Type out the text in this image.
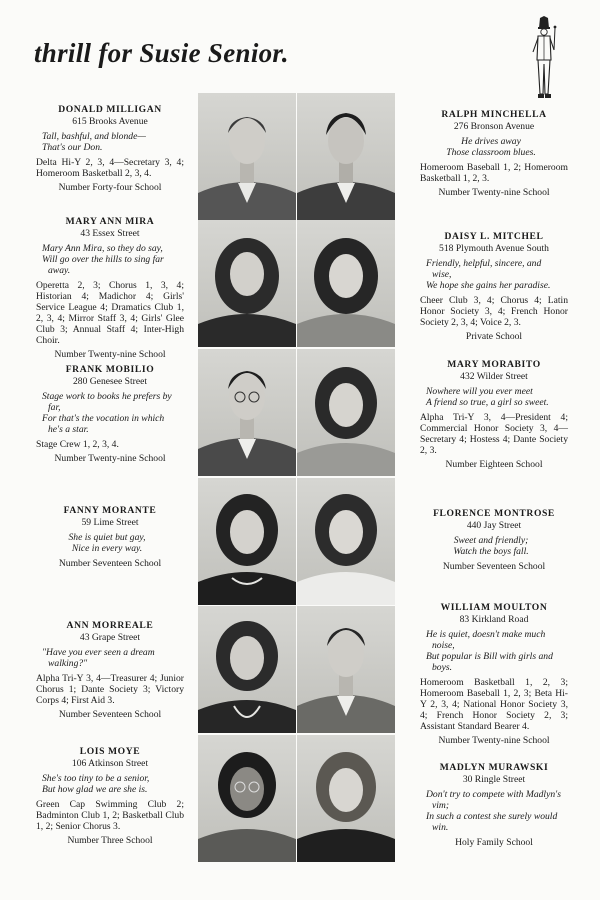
thrill for Susie Senior.
DONALD MILLIGAN
615 Brooks Avenue
Tall, bashful, and blonde—
That's our Don.
Delta Hi-Y 2, 3, 4—Secretary 3, 4; Homeroom Basketball 2, 3, 4.
Number Forty-four School
MARY ANN MIRA
43 Essex Street
Mary Ann Mira, so they do say,
Will go over the hills to sing far away.
Operetta 2, 3; Chorus 1, 3, 4; Historian 4; Madichor 4; Girls' Service League 4; Dramatics Club 1, 2, 3, 4; Mirror Staff 3, 4; Girls' Glee Club 3; Annual Staff 4; Inter-High Choir.
Number Twenty-nine School
FRANK MOBILIO
280 Genesee Street
Stage work to books he prefers by far,
For that's the vocation in which he's a star.
Stage Crew 1, 2, 3, 4.
Number Twenty-nine School
FANNY MORANTE
59 Lime Street
She is quiet but gay,
Nice in every way.
Number Seventeen School
ANN MORREALE
43 Grape Street
"Have you ever seen a dream walking?"
Alpha Tri-Y 3, 4—Treasurer 4; Junior Chorus 1; Dante Society 3; Victory Corps 4; First Aid 3.
Number Seventeen School
LOIS MOYE
106 Atkinson Street
She's too tiny to be a senior,
But how glad we are she is.
Green Cap Swimming Club 2; Badminton Club 1, 2; Basketball Club 1, 2; Senior Chorus 3.
Number Three School
RALPH MINCHELLA
276 Bronson Avenue
He drives away
Those classroom blues.
Homeroom Baseball 1, 2; Homeroom Basketball 1, 2, 3.
Number Twenty-nine School
DAISY L. MITCHEL
518 Plymouth Avenue South
Friendly, helpful, sincere, and wise,
We hope she gains her paradise.
Cheer Club 3, 4; Chorus 4; Latin Honor Society 3, 4; French Honor Society 2, 3, 4; Voice 2, 3.
Private School
MARY MORABITO
432 Wilder Street
Nowhere will you ever meet
A friend so true, a girl so sweet.
Alpha Tri-Y 3, 4—President 4; Commercial Honor Society 3, 4—Secretary 4; Hostess 4; Dante Society 2, 3.
Number Eighteen School
FLORENCE MONTROSE
440 Jay Street
Sweet and friendly;
Watch the boys fall.
Number Seventeen School
WILLIAM MOULTON
83 Kirkland Road
He is quiet, doesn't make much noise,
But popular is Bill with girls and boys.
Homeroom Basketball 1, 2, 3; Homeroom Baseball 1, 2, 3; Beta Hi-Y 2, 3, 4; National Honor Society 3, 4; French Honor Society 2, 3; Assistant Standard Bearer 4.
Number Twenty-nine School
MADLYN MURAWSKI
30 Ringle Street
Don't try to compete with Madlyn's vim;
In such a contest she surely would win.
Holy Family School
